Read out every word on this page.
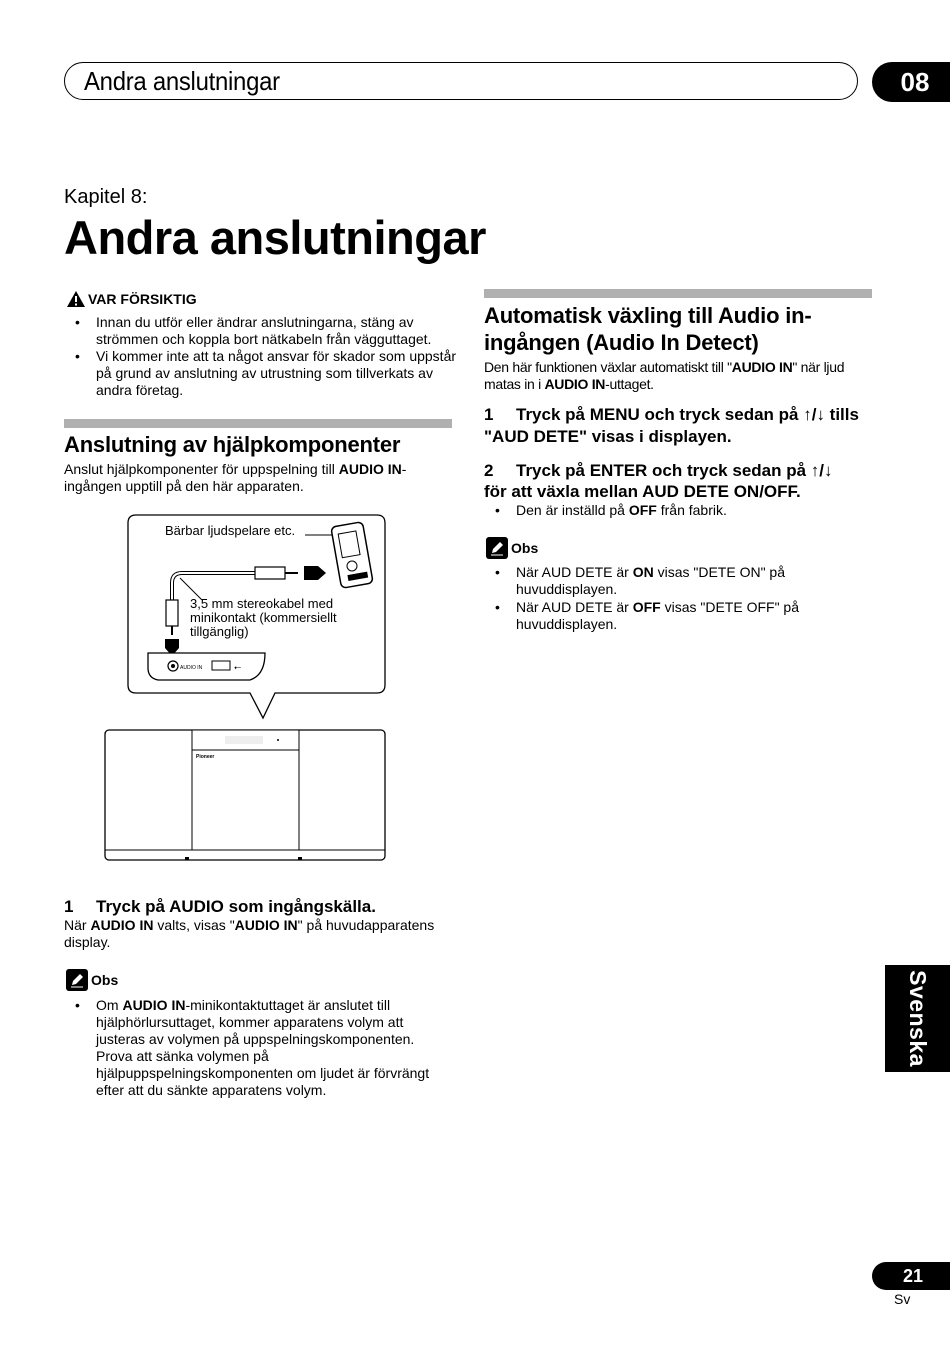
Andra anslutningar	08
Kapitel 8:
Andra anslutningar
VAR FÖRSIKTIG
• Innan du utför eller ändrar anslutningarna, stäng av strömmen och koppla bort nätkabeln från vägguttaget.
• Vi kommer inte att ta något ansvar för skador som uppstår på grund av anslutning av utrustning som tillverkats av andra företag.
Anslutning av hjälpkomponenter
Anslut hjälpkomponenter för uppspelning till AUDIO IN-ingången upptill på den här apparaten.
AUDIO IN	⭠
Pioneer
Bärbar ljudspelare etc.
3,5 mm stereokabel med
minikontakt (kommersiellt
tillgänglig)
1 Tryck på AUDIO som ingångskälla.
När AUDIO IN valts, visas "AUDIO IN" på huvudapparatens display.
Obs
• Om AUDIO IN-minikontaktuttaget är anslutet till hjälphörlursuttaget, kommer apparatens volym att justeras av volymen på uppspelningskomponenten. Prova att sänka volymen på hjälpuppspelningskomponenten om ljudet är förvrängt efter att du sänkte apparatens volym.
Automatisk växling till Audio in-
ingången (Audio In Detect)
Den här funktionen växlar automatiskt till "AUDIO IN" när ljud matas in i AUDIO IN-uttaget.
1 Tryck på MENU och tryck sedan på ↑/↓ tills
"AUD DETE" visas i displayen.
2 Tryck på ENTER och tryck sedan på ↑/↓
för att växla mellan AUD DETE ON/OFF.
• Den är inställd på OFF från fabrik.
Obs
• När AUD DETE är ON visas "DETE ON" på huvuddisplayen.
• När AUD DETE är OFF visas "DETE OFF" på huvuddisplayen.
Svenska
21
Sv
